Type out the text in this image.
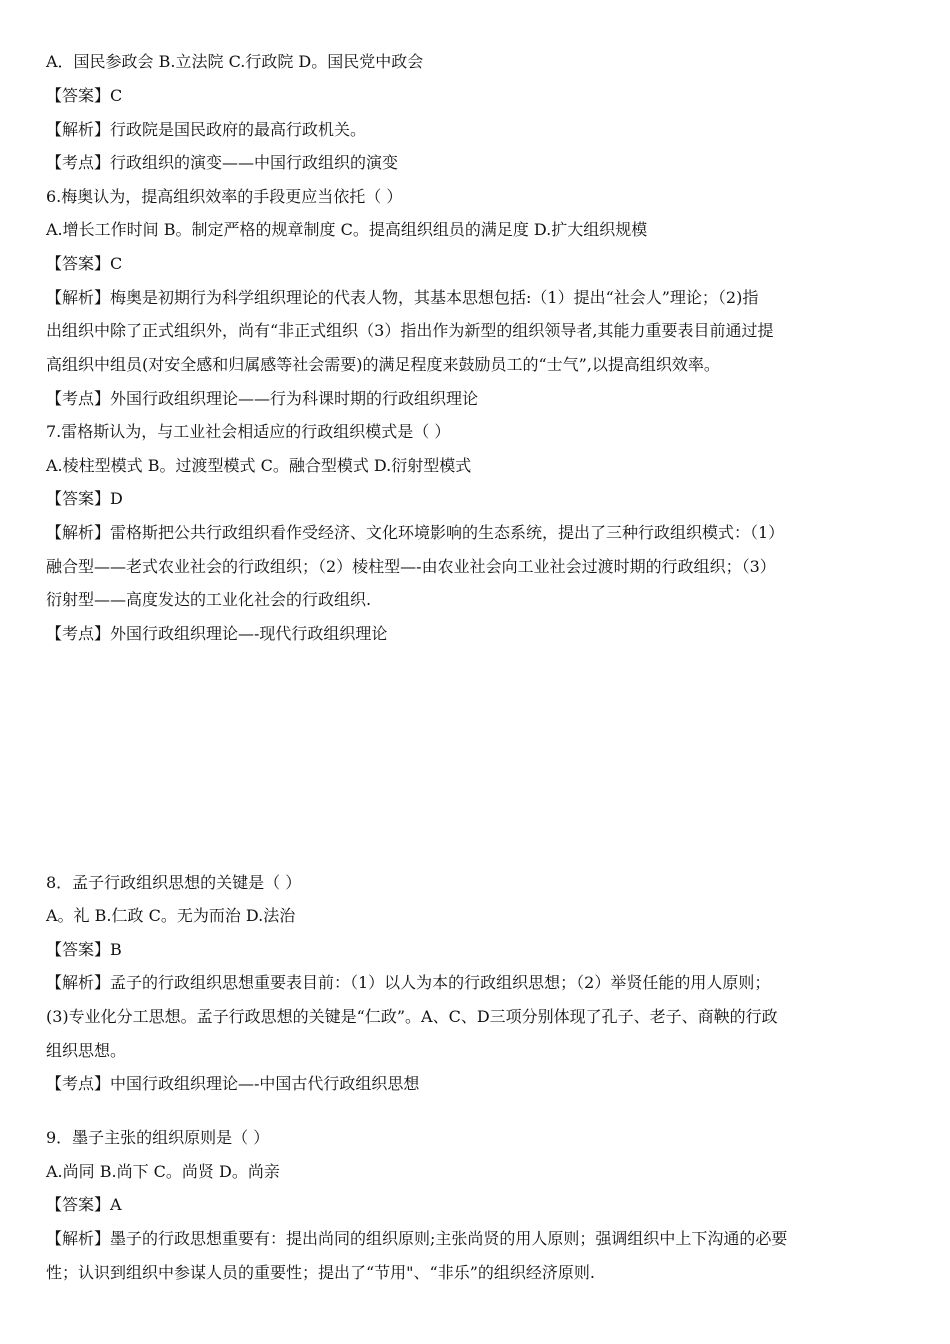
A．国民参政会 B.立法院 C.行政院 D。国民党中政会
【答案】C
【解析】行政院是国民政府的最高行政机关。
【考点】行政组织的演变——中国行政组织的演变
6.梅奥认为，提高组织效率的手段更应当依托（ ）
A.增长工作时间 B。制定严格的规章制度 C。提高组织组员的满足度 D.扩大组织规模
【答案】C
【解析】梅奥是初期行为科学组织理论的代表人物，其基本思想包括:（1）提出“社会人”理论；（2)指
出组织中除了正式组织外，尚有“非正式组织（3）指出作为新型的组织领导者,其能力重要表目前通过提
高组织中组员(对安全感和归属感等社会需要)的满足程度来鼓励员工的“士气”,以提高组织效率。
【考点】外国行政组织理论——行为科课时期的行政组织理论
7.雷格斯认为，与工业社会相适应的行政组织模式是（ ）
A.棱柱型模式 B。过渡型模式 C。融合型模式 D.衍射型模式
【答案】D
【解析】雷格斯把公共行政组织看作受经济、文化环境影响的生态系统，提出了三种行政组织模式：（1）
融合型——老式农业社会的行政组织；（2）棱柱型—-由农业社会向工业社会过渡时期的行政组织；（3）
衍射型——高度发达的工业化社会的行政组织.
【考点】外国行政组织理论—-现代行政组织理论
8．孟子行政组织思想的关键是（ ）
A。礼 B.仁政 C。无为而治 D.法治
【答案】B
【解析】孟子的行政组织思想重要表目前：（1）以人为本的行政组织思想；（2）举贤任能的用人原则；
(3)专业化分工思想。孟子行政思想的关键是“仁政”。A、C、D三项分别体现了孔子、老子、商鞅的行政
组织思想。
【考点】中国行政组织理论—-中国古代行政组织思想
9．墨子主张的组织原则是（ ）
A.尚同 B.尚下 C。尚贤 D。尚亲
【答案】A
【解析】墨子的行政思想重要有：提出尚同的组织原则;主张尚贤的用人原则；强调组织中上下沟通的必要
性；认识到组织中参谋人员的重要性；提出了“节用"、“非乐”的组织经济原则.
